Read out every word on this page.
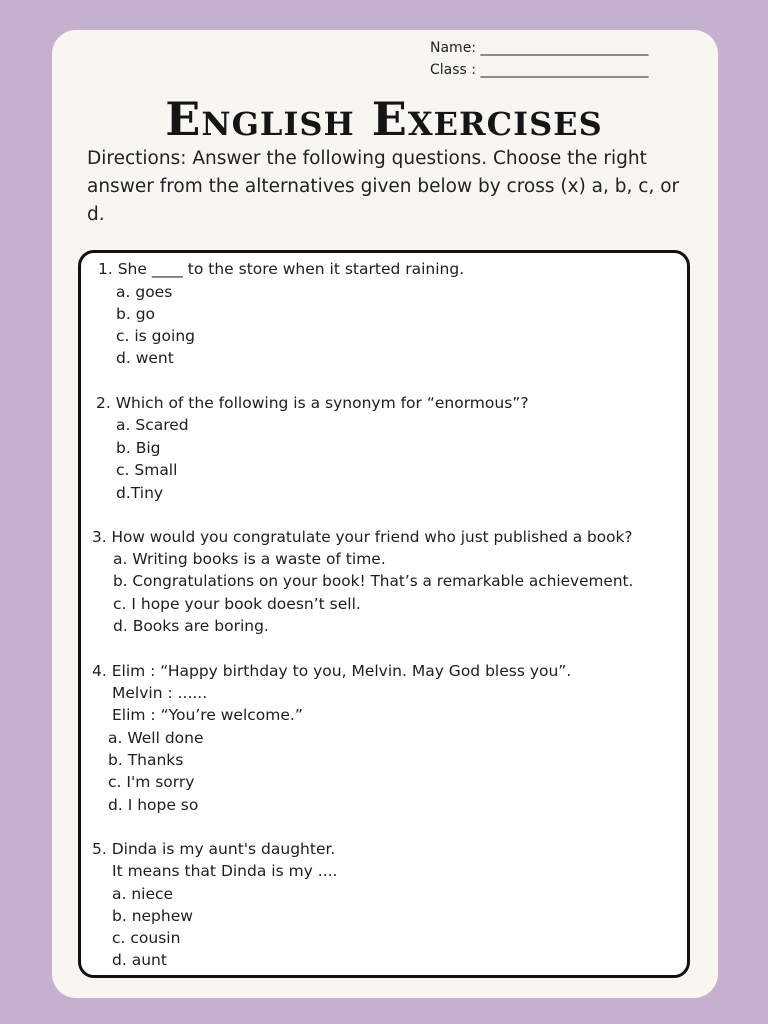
Name: ________________________
Class : ________________________
English Exercises
Directions: Answer the following questions. Choose the right answer from the alternatives given below by cross (x) a, b, c, or d.
1. She ____ to the store when it started raining.
a. goes
b. go
c. is going
d. went
2. Which of the following is a synonym for “enormous”?
a. Scared
b. Big
c. Small
d.Tiny
3. How would you congratulate your friend who just published a book?
a. Writing books is a waste of time.
b. Congratulations on your book! That’s a remarkable achievement.
c. I hope your book doesn’t sell.
d. Books are boring.
4. Elim : “Happy birthday to you, Melvin. May God bless you”.
Melvin : ......
Elim : “You’re welcome.”
a. Well done
b. Thanks
c. I'm sorry
d. I hope so
5. Dinda is my aunt's daughter.
It means that Dinda is my ....
a. niece
b. nephew
c. cousin
d. aunt
